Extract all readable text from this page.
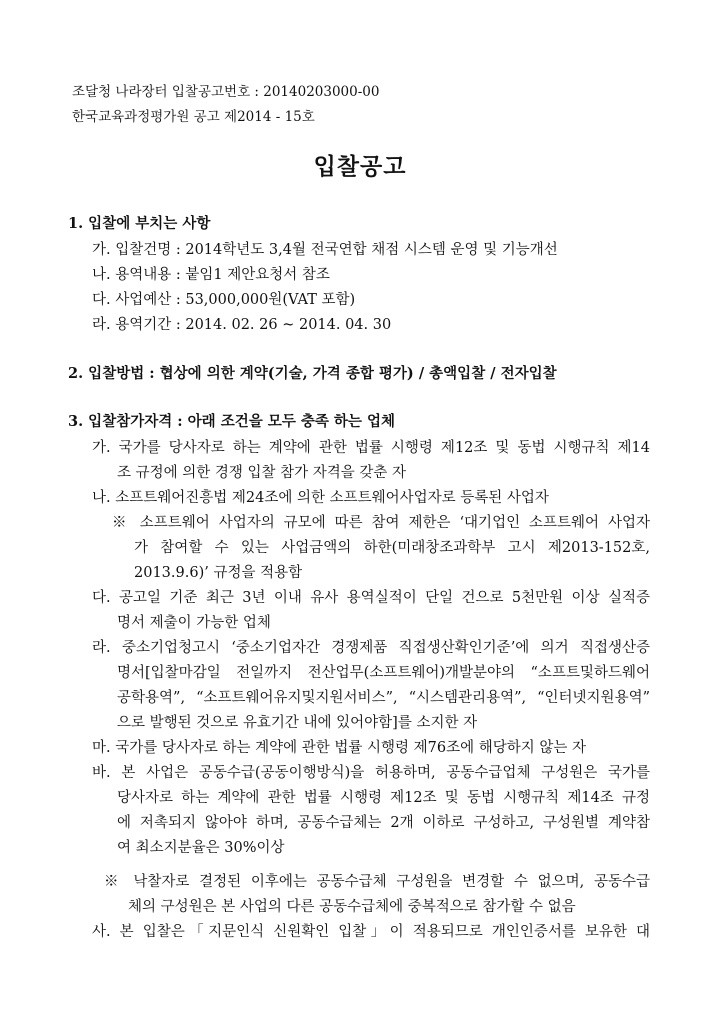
조달청 나라장터 입찰공고번호 : 20140203000-00
한국교육과정평가원 공고 제2014 - 15호
입찰공고
1. 입찰에 부치는 사항
가. 입찰건명 : 2014학년도 3,4월 전국연합 채점 시스템 운영 및 기능개선
나. 용역내용 : 붙임1 제안요청서 참조
다. 사업예산 : 53,000,000원(VAT 포함)
라. 용역기간 : 2014. 02. 26 ~ 2014. 04. 30
2. 입찰방법 : 협상에 의한 계약(기술, 가격 종합 평가) / 총액입찰 / 전자입찰
3. 입찰참가자격 : 아래 조건을 모두 충족 하는 업체
가. 국가를 당사자로 하는 계약에 관한 법률 시행령 제12조 및 동법 시행규칙 제14
조 규정에 의한 경쟁 입찰 참가 자격을 갖춘 자
나. 소프트웨어진흥법 제24조에 의한 소프트웨어사업자로 등록된 사업자
※ 소프트웨어 사업자의 규모에 따른 참여 제한은 ‘대기업인 소프트웨어 사업자
가 참여할 수 있는 사업금액의 하한(미래창조과학부 고시 제2013-152호,
2013.9.6)’ 규정을 적용함
다. 공고일 기준 최근 3년 이내 유사 용역실적이 단일 건으로 5천만원 이상 실적증
명서 제출이 가능한 업체
라. 중소기업청고시 ‘중소기업자간 경쟁제품 직접생산확인기준’에 의거 직접생산증
명서[입찰마감일 전일까지 전산업무(소프트웨어)개발분야의 “소프트및하드웨어
공학용역”, “소프트웨어유지및지원서비스”, “시스템관리용역”, “인터넷지원용역”
으로 발행된 것으로 유효기간 내에 있어야함]를 소지한 자
마. 국가를 당사자로 하는 계약에 관한 법률 시행령 제76조에 해당하지 않는 자
바. 본 사업은 공동수급(공동이행방식)을 허용하며, 공동수급업체 구성원은 국가를
당사자로 하는 계약에 관한 법률 시행령 제12조 및 동법 시행규칙 제14조 규정
에 저촉되지 않아야 하며, 공동수급체는 2개 이하로 구성하고, 구성원별 계약참
여 최소지분율은 30%이상
※ 낙찰자로 결정된 이후에는 공동수급체 구성원을 변경할 수 없으며, 공동수급
체의 구성원은 본 사업의 다른 공동수급체에 중복적으로 참가할 수 없음
사. 본 입찰은「지문인식 신원확인 입찰」이 적용되므로 개인인증서를 보유한 대
